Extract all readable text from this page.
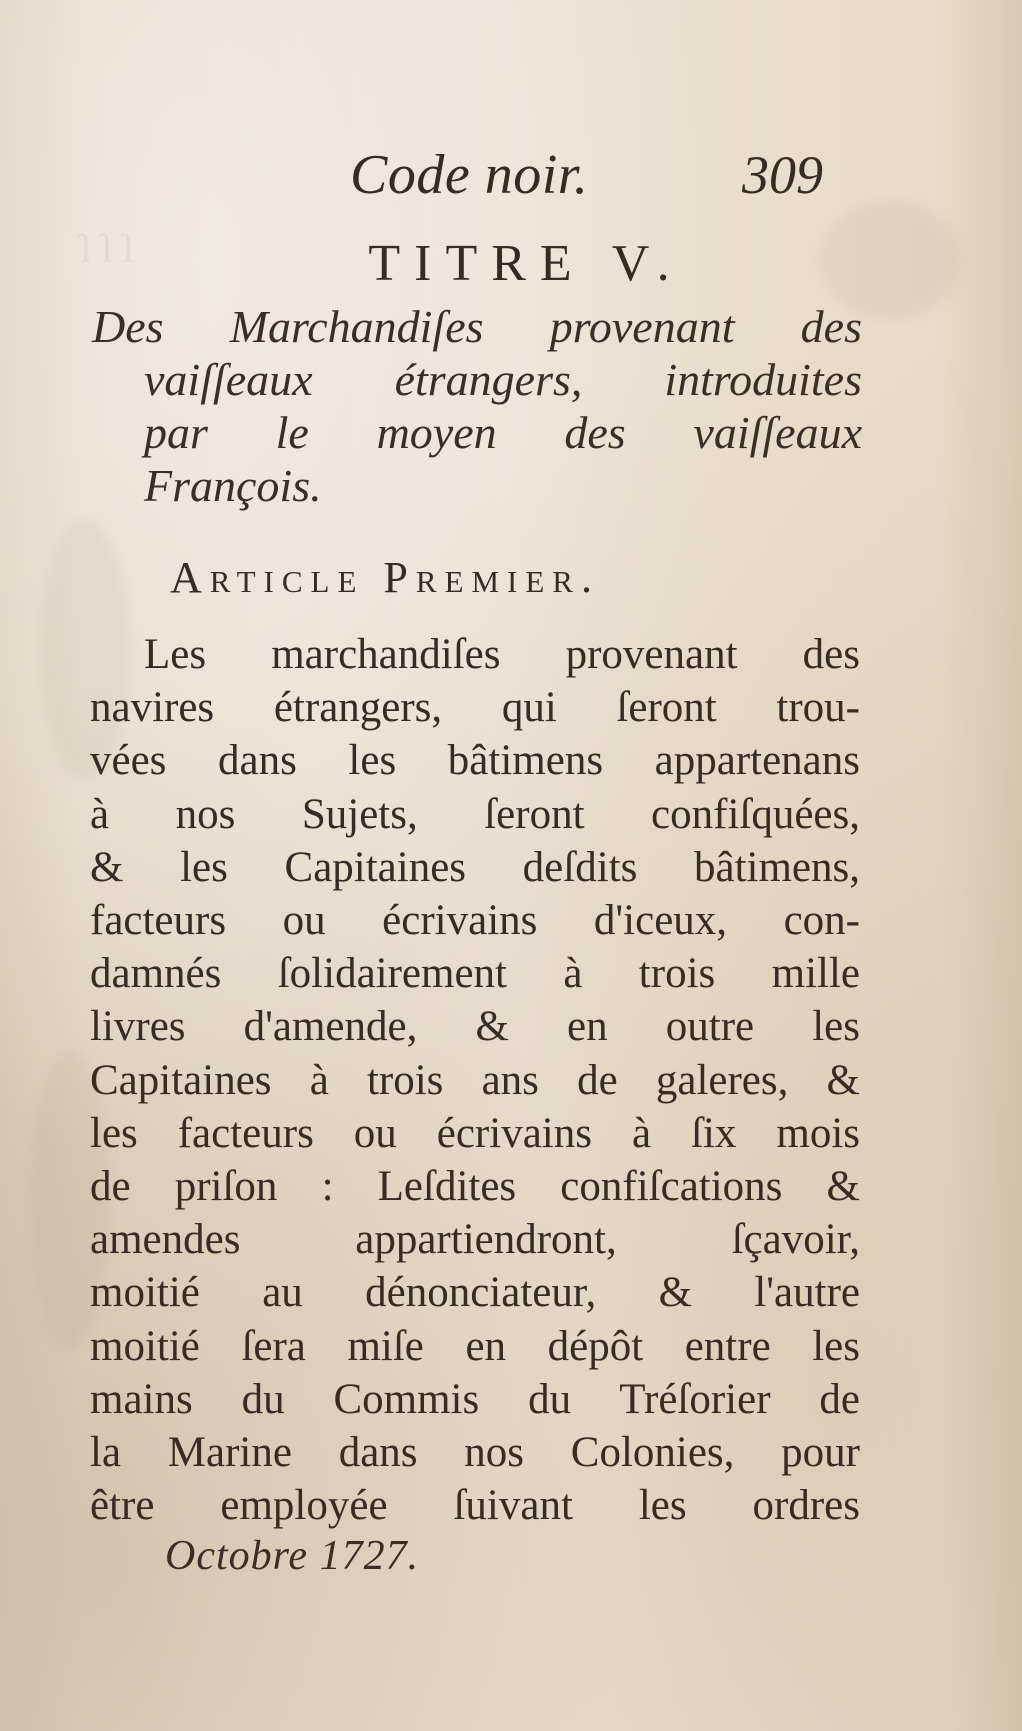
ſ ſ ſ
Code noir.	309
TITRE V.
Des Marchandiſes provenant des
vaiſſeaux étrangers, introduites
par le moyen des vaiſſeaux
François.
Article Premier.
Les marchandiſes provenant des
navires étrangers, qui ſeront trou-
vées dans les bâtimens appartenans
à nos Sujets, ſeront confiſquées,
& les Capitaines deſdits bâtimens,
facteurs ou écrivains d'iceux, con-
damnés ſolidairement à trois mille
livres d'amende, & en outre les
Capitaines à trois ans de galeres, &
les facteurs ou écrivains à ſix mois
de priſon : Leſdites confiſcations &
amendes appartiendront, ſçavoir,
moitié au dénonciateur, & l'autre
moitié ſera miſe en dépôt entre les
mains du Commis du Tréſorier de
la Marine dans nos Colonies, pour
être employée ſuivant les ordres
Octobre 1727.
